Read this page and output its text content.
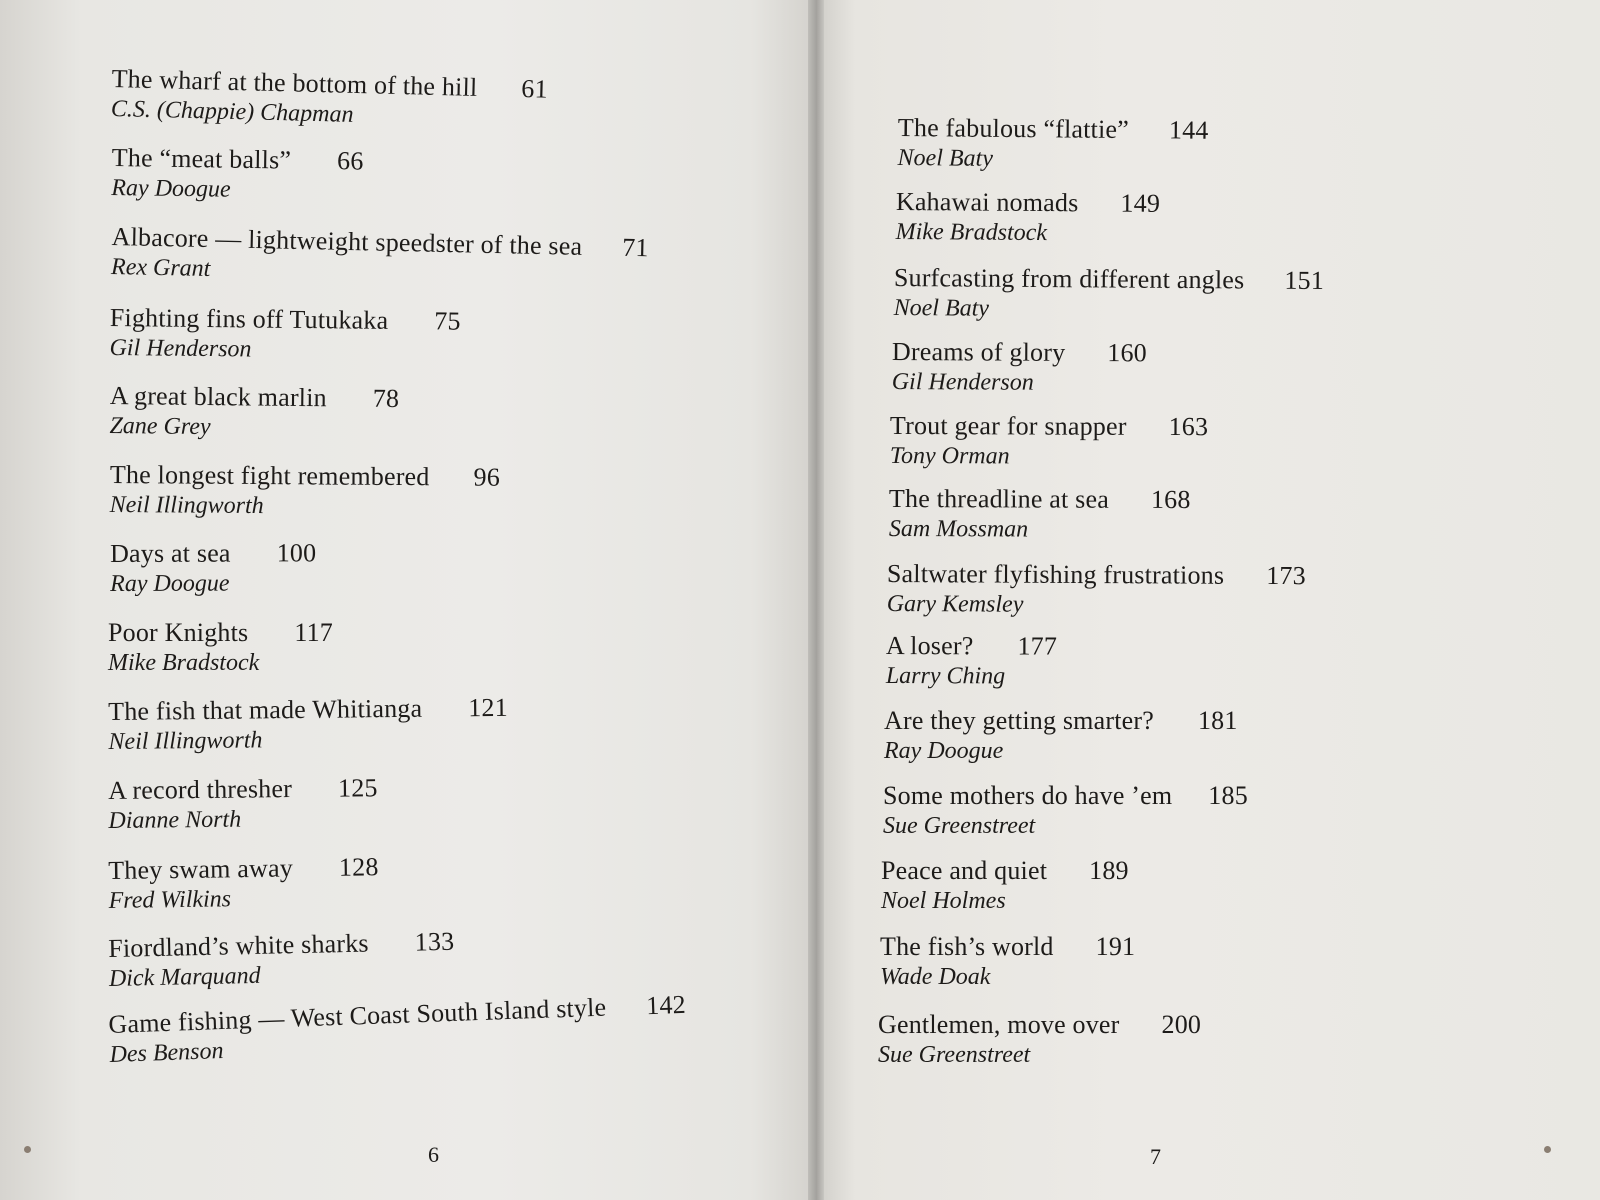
The wharf at the bottom of the hill 61
C.S. (Chappie) Chapman
The “meat balls” 66
Ray Doogue
Albacore — lightweight speedster of the sea 71
Rex Grant
Fighting fins off Tutukaka 75
Gil Henderson
A great black marlin 78
Zane Grey
The longest fight remembered 96
Neil Illingworth
Days at sea 100
Ray Doogue
Poor Knights 117
Mike Bradstock
The fish that made Whitianga 121
Neil Illingworth
A record thresher 125
Dianne North
They swam away 128
Fred Wilkins
Fiordland’s white sharks 133
Dick Marquand
Game fishing — West Coast South Island style 142
Des Benson
6
The fabulous “flattie” 144
Noel Baty
Kahawai nomads 149
Mike Bradstock
Surfcasting from different angles 151
Noel Baty
Dreams of glory 160
Gil Henderson
Trout gear for snapper 163
Tony Orman
The threadline at sea 168
Sam Mossman
Saltwater flyfishing frustrations 173
Gary Kemsley
A loser? 177
Larry Ching
Are they getting smarter? 181
Ray Doogue
Some mothers do have ’em 185
Sue Greenstreet
Peace and quiet 189
Noel Holmes
The fish’s world 191
Wade Doak
Gentlemen, move over 200
Sue Greenstreet
7
